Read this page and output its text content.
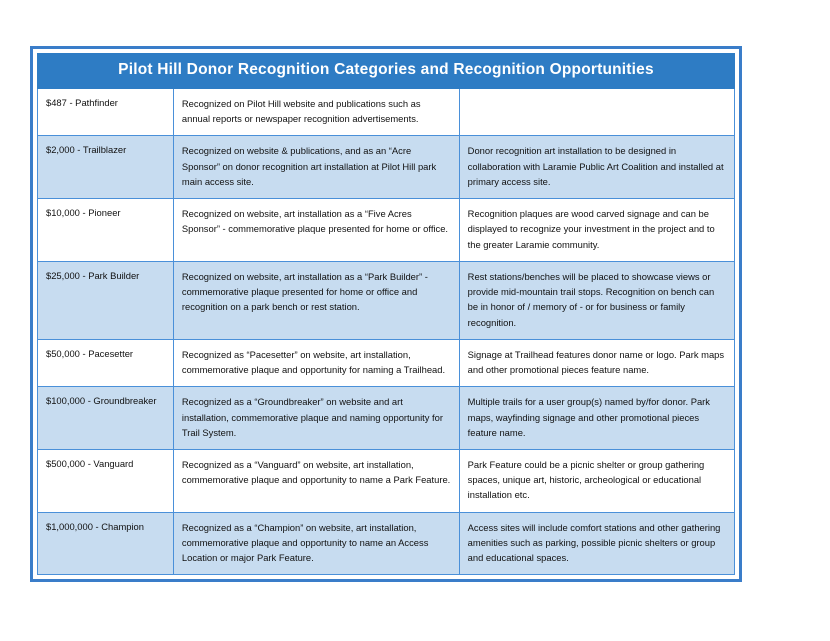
Pilot Hill Donor Recognition Categories and Recognition Opportunities		
$487 - Pathfinder	Recognized on Pilot Hill website and publications such as annual reports or newspaper recognition advertisements.	
$2,000 - Trailblazer	Recognized on website & publications, and as an “Acre Sponsor” on donor recognition art installation at Pilot Hill park main access site.	Donor recognition art installation to be designed in collaboration with Laramie Public Art Coalition and installed at primary access site.
$10,000 - Pioneer	Recognized on website, art installation as a “Five Acres Sponsor” - commemorative plaque presented for home or office.	Recognition plaques are wood carved signage and can be displayed to recognize your investment in the project and to the greater Laramie community.
$25,000 - Park Builder	Recognized on website, art installation as a “Park Builder” - commemorative plaque presented for home or office and recognition on a park bench or rest station.	Rest stations/benches will be placed to showcase views or provide mid-mountain trail stops. Recognition on bench can be in honor of / memory of - or for business or family recognition.
$50,000 - Pacesetter	Recognized as “Pacesetter” on website, art installation, commemorative plaque and opportunity for naming a Trailhead.	Signage at Trailhead features donor name or logo. Park maps and other promotional pieces feature name.
$100,000 - Groundbreaker	Recognized as a “Groundbreaker” on website and art installation, commemorative plaque and naming opportunity for Trail System.	Multiple trails for a user group(s) named by/for donor. Park maps, wayfinding signage and other promotional pieces feature name.
$500,000 - Vanguard	Recognized as a “Vanguard” on website, art installation, commemorative plaque and opportunity to name a Park Feature.	Park Feature could be a picnic shelter or group gathering spaces, unique art, historic, archeological or educational installation etc.
$1,000,000 - Champion	Recognized as a “Champion” on website, art installation, commemorative plaque and opportunity to name an Access Location or major Park Feature.	Access sites will include comfort stations and other gathering amenities such as parking, possible picnic shelters or group and educational spaces.
